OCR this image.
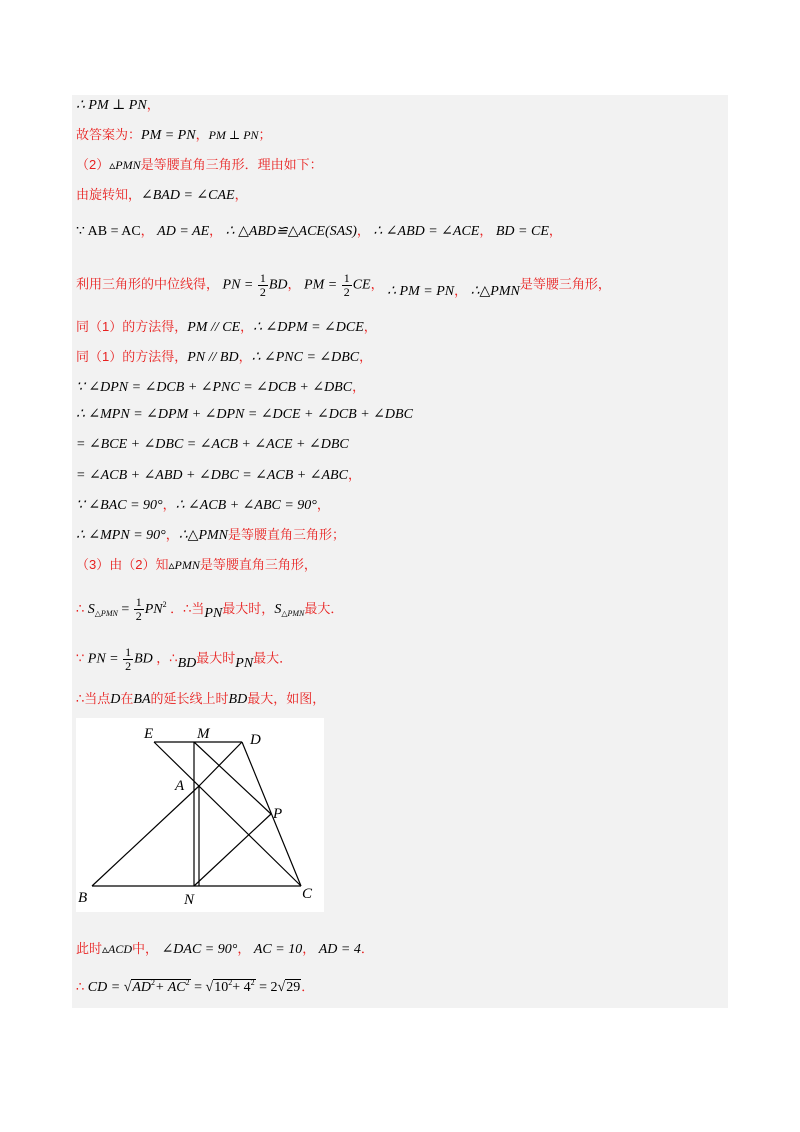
∴ PM ⊥ PN，
故答案为：PM = PN，PM ⊥ PN；
（2）▵PMN是等腰直角三角形．理由如下：
由旋转知，∠BAD = ∠CAE，
∵ AB = AC， AD = AE， ∴ △ABD≌△ACE(SAS)， ∴ ∠ABD = ∠ACE， BD = CE，
利用三角形的中位线得， PN = $\frac{1}{2}$ BD， PM = $\frac{1}{2}$ CE， ∴ PM = PN， ∴△PMN是等腰三角形，
同（1）的方法得，PM // CE，∴ ∠DPM = ∠DCE，
同（1）的方法得，PN // BD，∴ ∠PNC = ∠DBC，
∵ ∠DPN = ∠DCB + ∠PNC = ∠DCB + ∠DBC，
∴ ∠MPN = ∠DPM + ∠DPN = ∠DCE + ∠DCB + ∠DBC
= ∠BCE + ∠DBC = ∠ACB + ∠ACE + ∠DBC
= ∠ACB + ∠ABD + ∠DBC = ∠ACB + ∠ABC，
∵ ∠BAC = 90°，∴ ∠ACB + ∠ABC = 90°，
∴ ∠MPN = 90°，∴△PMN是等腰直角三角形；
（3）由（2）知▵PMN是等腰直角三角形，
∴ $S_{\triangle PMN} = \frac{1}{2} PN^2$ ．∴当PN最大时，$S_{\triangle PMN}$最大．
∵ PN = $\frac{1}{2}$ BD ，∴BD最大时PN最大．
∴当点D在BA的延长线上时BD最大，如图，
E	M	D
A
P
B	N	C
此时▵ACD中， ∠DAC = 90°， AC = 10， AD = 4．
∴ CD = $√AD^2+ AC^2 = √10^2+ 4^2 = 2√29$．
